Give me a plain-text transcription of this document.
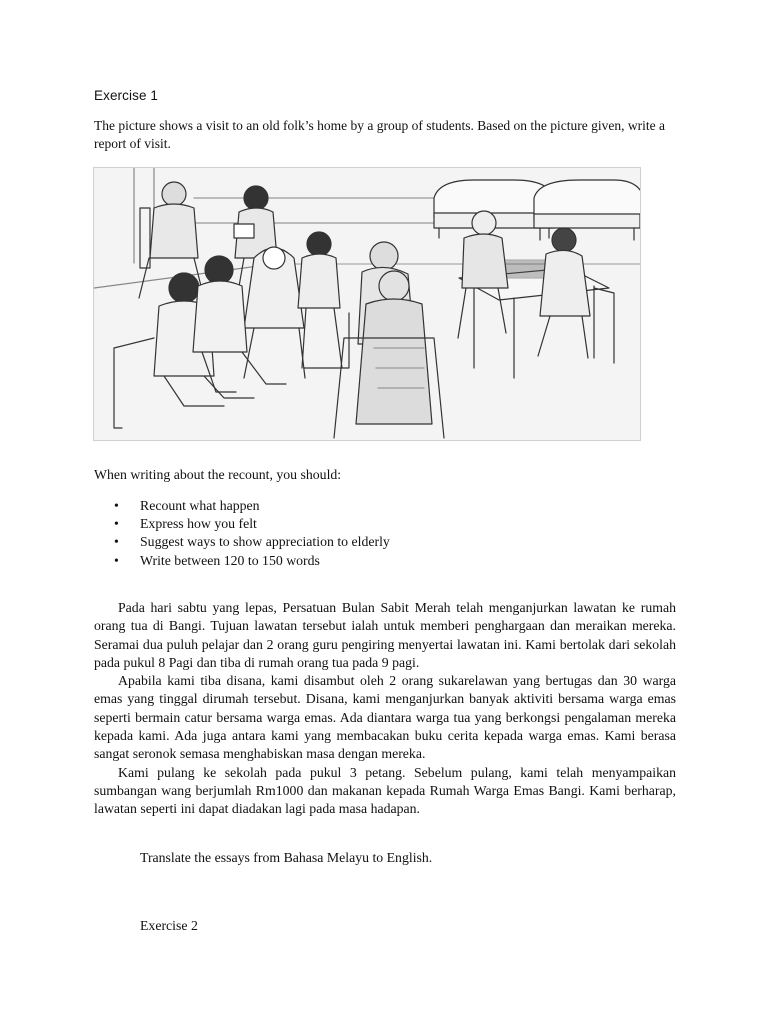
Exercise 1
The picture shows a visit to an old folk’s home by a group of students. Based on the picture given, write a report of visit.
When writing about the recount, you should:
• Recount what happen
• Express how you felt
• Suggest ways to show appreciation to elderly
• Write between 120 to 150 words

Pada hari sabtu yang lepas, Persatuan Bulan Sabit Merah telah menganjurkan lawatan ke rumah orang tua di Bangi. Tujuan lawatan tersebut ialah untuk memberi penghargaan dan meraikan mereka. Seramai dua puluh pelajar dan 2 orang guru pengiring menyertai lawatan ini. Kami bertolak dari sekolah pada pukul 8 Pagi dan tiba di rumah orang tua pada 9 pagi.

Apabila kami tiba disana, kami disambut oleh 2 orang sukarelawan yang bertugas dan 30 warga emas yang tinggal dirumah tersebut. Disana, kami menganjurkan banyak aktiviti bersama warga emas seperti bermain catur bersama warga emas. Ada diantara warga tua yang berkongsi pengalaman mereka kepada kami. Ada juga antara kami yang membacakan buku cerita kepada warga emas. Kami berasa sangat seronok semasa menghabiskan masa dengan mereka.

Kami pulang ke sekolah pada pukul 3 petang. Sebelum pulang, kami telah menyampaikan sumbangan wang berjumlah Rm1000 dan makanan kepada Rumah Warga Emas Bangi. Kami berharap, lawatan seperti ini dapat diadakan lagi pada masa hadapan.

Translate the essays from Bahasa Melayu to English.
Exercise 2
